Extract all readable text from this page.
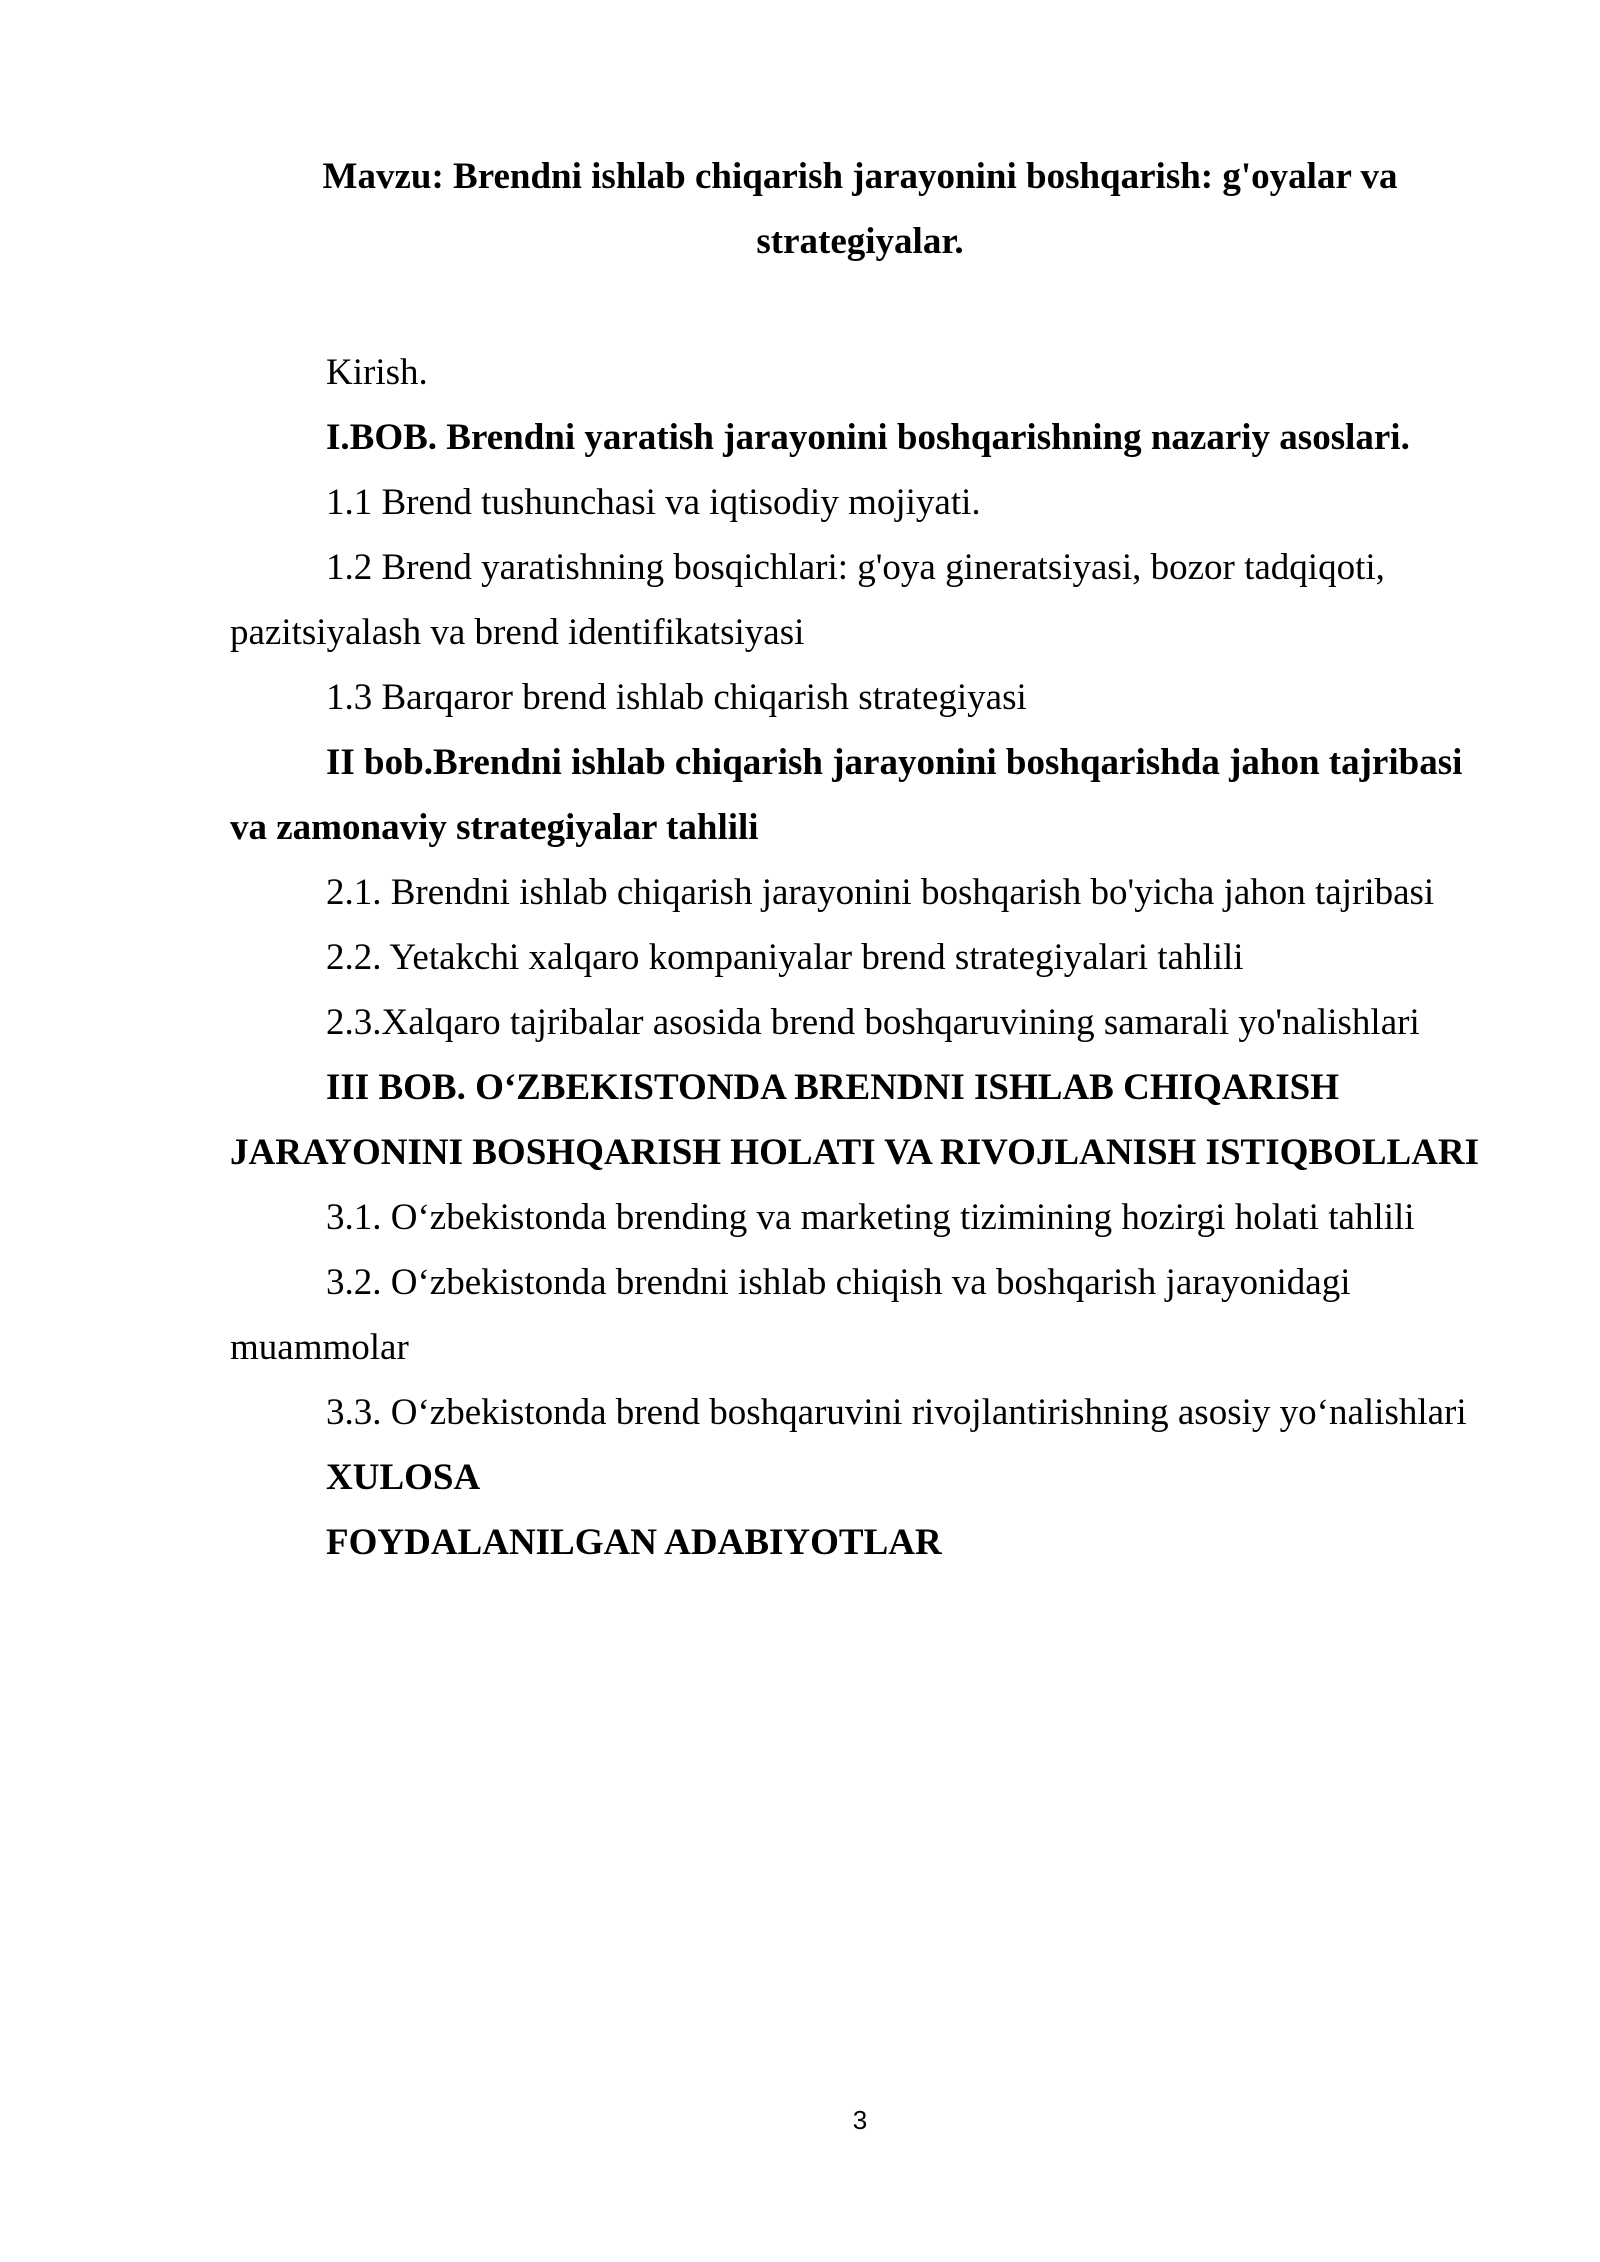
Mavzu: Brendni ishlab chiqarish jarayonini boshqarish: g'oyalar va
strategiyalar.

Kirish.

I.BOB. Brendni yaratish jarayonini boshqarishning nazariy asoslari.

1.1 Brend tushunchasi va iqtisodiy mojiyati.

1.2 Brend yaratishning bosqichlari: g'oya gineratsiyasi, bozor tadqiqoti, pazitsiyalash va brend identifikatsiyasi

1.3 Barqaror brend ishlab chiqarish strategiyasi

II bob.Brendni ishlab chiqarish jarayonini boshqarishda jahon tajribasi va zamonaviy strategiyalar tahlili

2.1. Brendni ishlab chiqarish jarayonini boshqarish bo'yicha jahon tajribasi

2.2. Yetakchi xalqaro kompaniyalar brend strategiyalari tahlili

2.3.Xalqaro tajribalar asosida brend boshqaruvining samarali yo'nalishlari

III BOB. O‘ZBEKISTONDA BRENDNI ISHLAB CHIQARISH JARAYONINI BOSHQARISH HOLATI VA RIVOJLANISH ISTIQBOLLARI

3.1. O‘zbekistonda brending va marketing tizimining hozirgi holati tahlili

3.2. O‘zbekistonda brendni ishlab chiqish va boshqarish jarayonidagi muammolar

3.3. O‘zbekistonda brend boshqaruvini rivojlantirishning asosiy yo‘nalishlari

XULOSA

FOYDALANILGAN ADABIYOTLAR

3
